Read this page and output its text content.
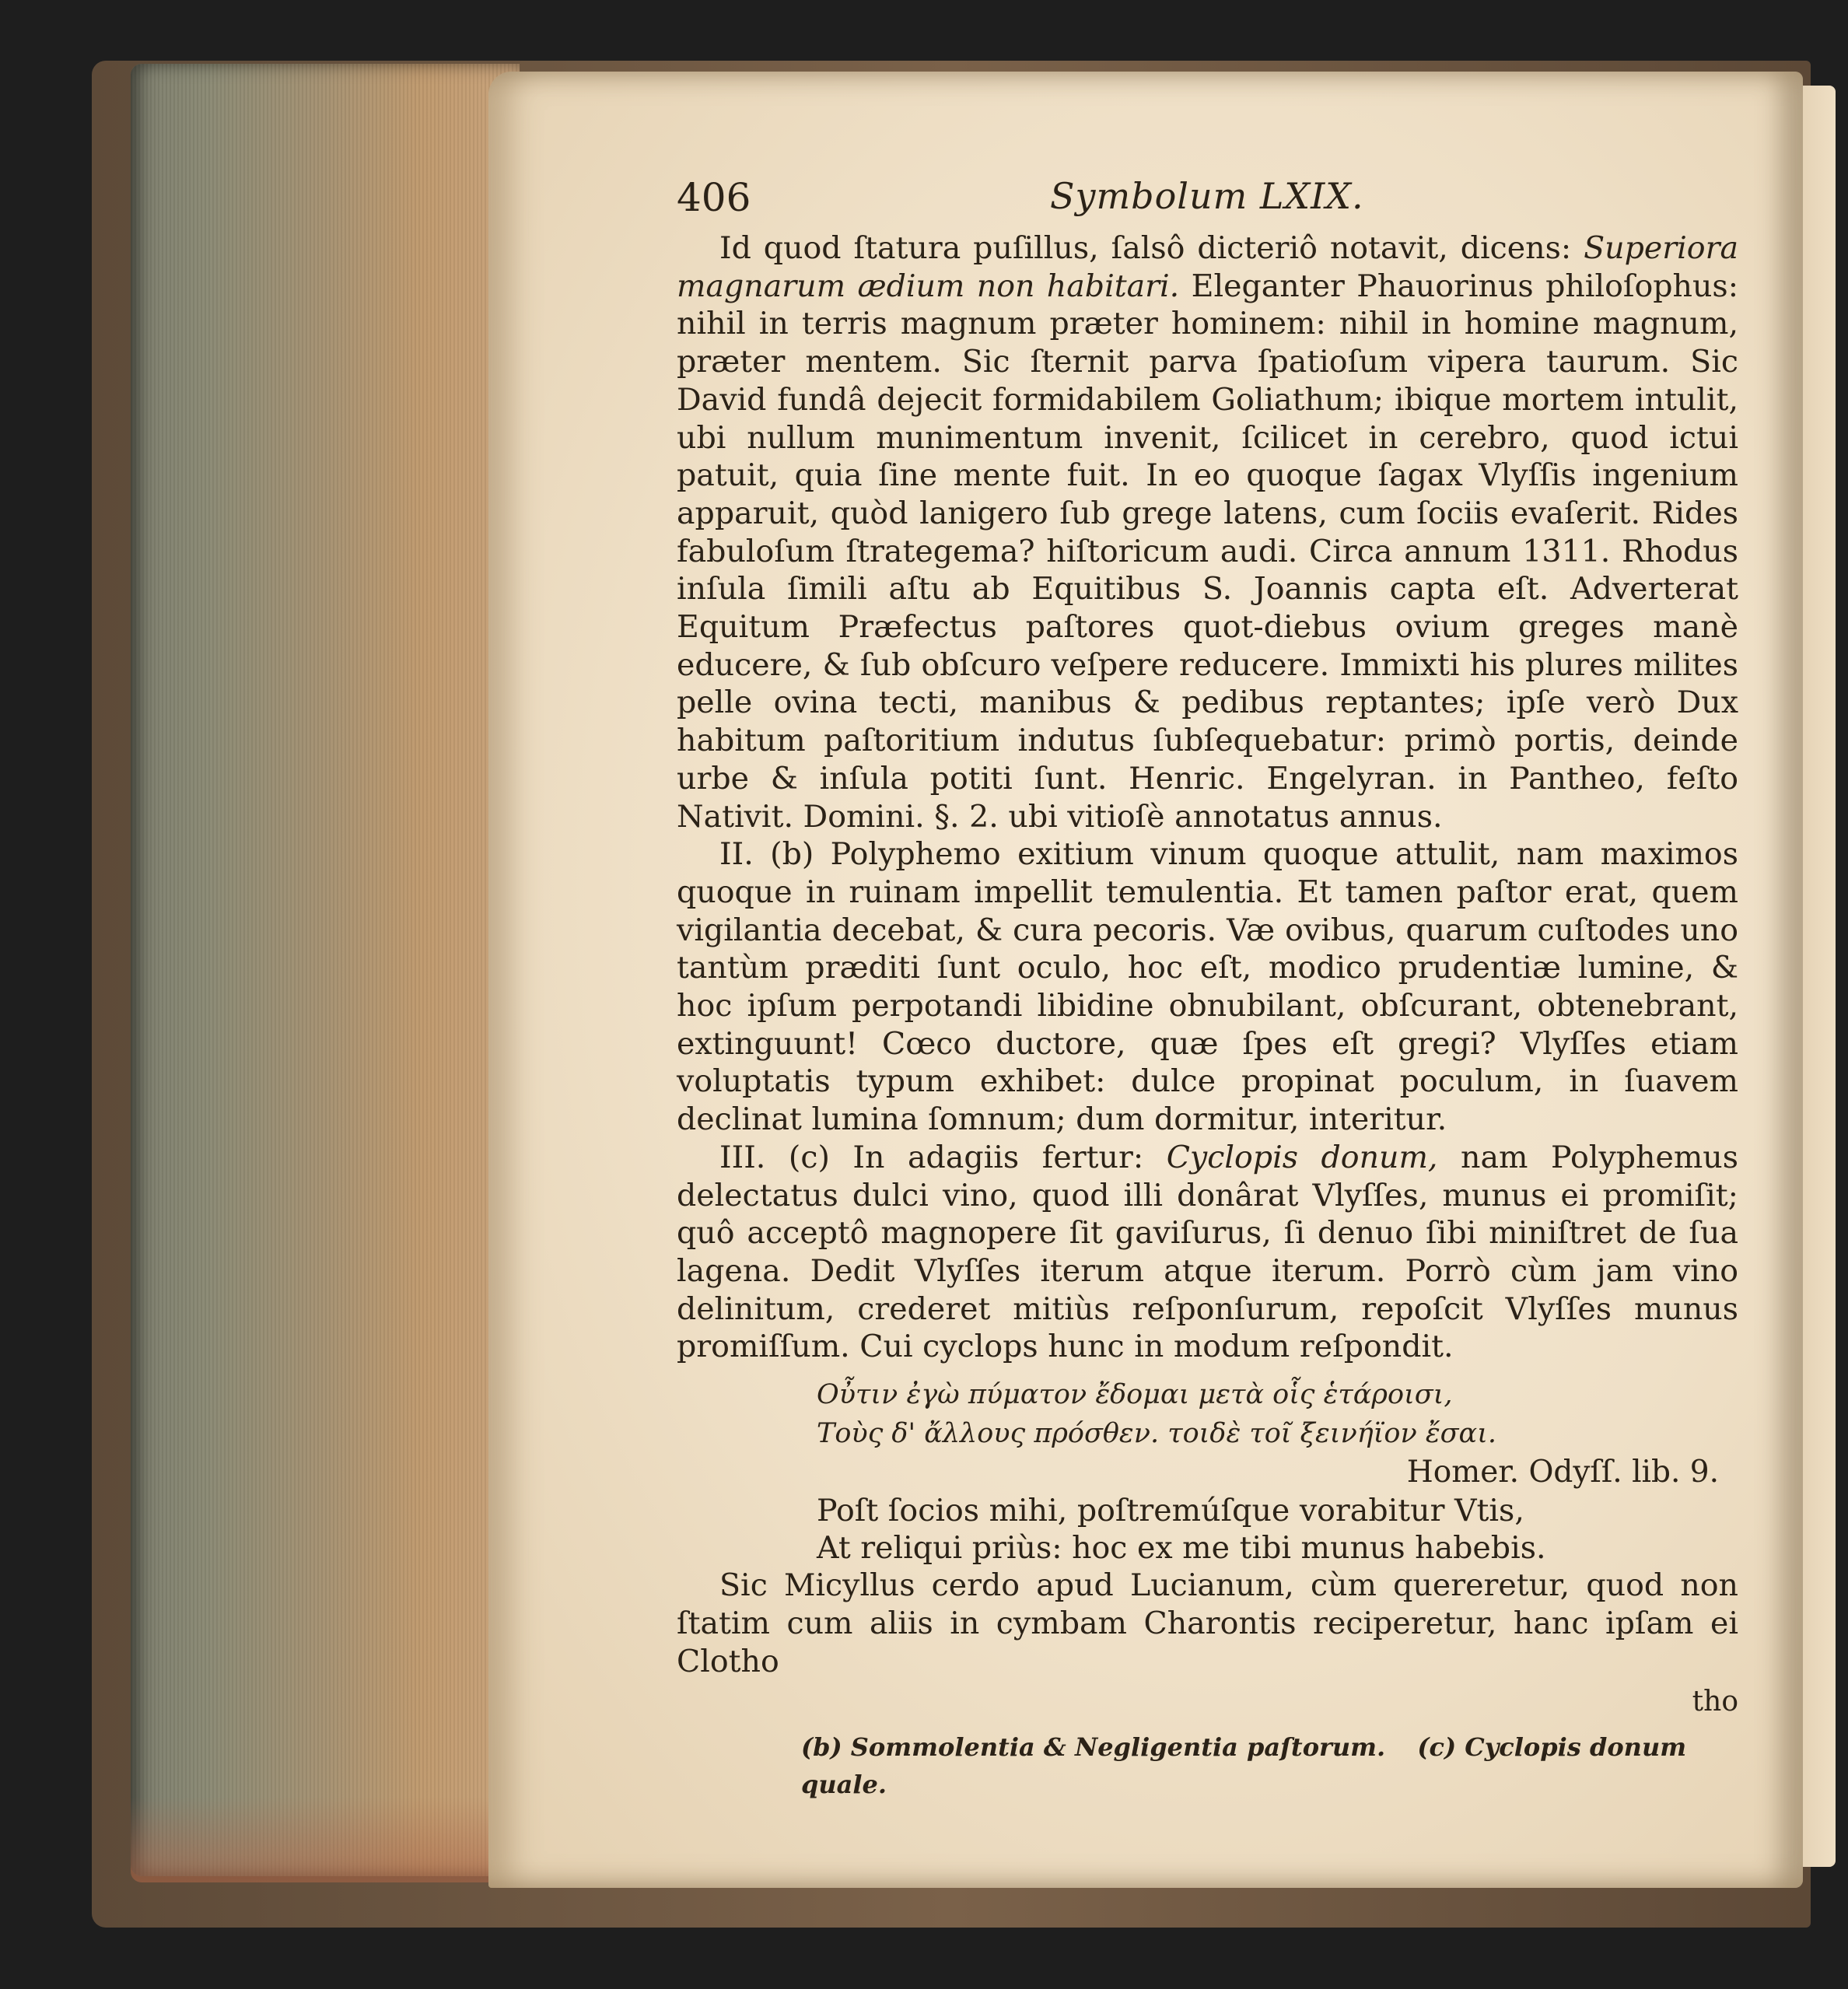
406	Symbolum LXIX.

Id quod ſtatura puſillus, ſalsô dicteriô notavit, dicens: Superiora magnarum ædium non habitari. Eleganter Phauorinus philoſophus: nihil in terris magnum præter hominem: nihil in homine magnum, præter mentem. Sic ſternit parva ſpatioſum vipera taurum. Sic David fundâ dejecit formidabilem Goliathum; ibique mortem intulit, ubi nullum munimentum invenit, ſcilicet in cerebro, quod ictui patuit, quia ſine mente fuit. In eo quoque ſagax Vlyſſis ingenium apparuit, quòd lanigero ſub grege latens, cum ſociis evaſerit. Rides fabuloſum ſtrategema? hiſtoricum audi. Circa annum 1311. Rhodus inſula ſimili aſtu ab Equitibus S. Joannis capta eſt. Adverterat Equitum Præfectus paſtores quot-diebus ovium greges manè educere, & ſub obſcuro veſpere reducere. Immixti his plures milites pelle ovina tecti, manibus & pedibus reptantes; ipſe verò Dux habitum paſtoritium indutus ſubſequebatur: primò portis, deinde urbe & inſula potiti ſunt. Henric. Engelyran. in Pantheo, feſto Nativit. Domini. §. 2. ubi vitioſè annotatus annus.

II. (b) Polyphemo exitium vinum quoque attulit, nam maximos quoque in ruinam impellit temulentia. Et tamen paſtor erat, quem vigilantia decebat, & cura pecoris. Væ ovibus, quarum cuſtodes uno tantùm præditi ſunt oculo, hoc eſt, modico prudentiæ lumine, & hoc ipſum perpotandi libidine obnubilant, obſcurant, obtenebrant, extinguunt! Cœco ductore, quæ ſpes eſt gregi? Vlyſſes etiam voluptatis typum exhibet: dulce propinat poculum, in ſuavem declinat lumina ſomnum; dum dormitur, interitur.

III. (c) In adagiis fertur: Cyclopis donum, nam Polyphemus delectatus dulci vino, quod illi donârat Vlyſſes, munus ei promiſit; quô acceptô magnopere ſit gaviſurus, ſi denuo ſibi miniſtret de ſua lagena. Dedit Vlyſſes iterum atque iterum. Porrò cùm jam vino delinitum, crederet mitiùs reſponſurum, repoſcit Vlyſſes munus promiſſum. Cui cyclops hunc in modum reſpondit.

Οὖτιν ἐγὼ πύματον ἔδομαι μετὰ οἷς ἑτάροισι,
Τοὺς δ' ἄλλους πρόσθεν. τοιδὲ τοῖ ξεινήϊον ἔσαι.
Homer. Odyſſ. lib. 9.
Poſt ſocios mihi, poſtremúſque vorabitur Vtis,
At reliqui priùs: hoc ex me tibi munus habebis.

Sic Micyllus cerdo apud Lucianum, cùm quereretur, quod non ſtatim cum aliis in cymbam Charontis reciperetur, hanc ipſam ei Clotho

tho
(b) Sommolentia & Negligentia paſtorum. (c) Cyclopis donum quale.
